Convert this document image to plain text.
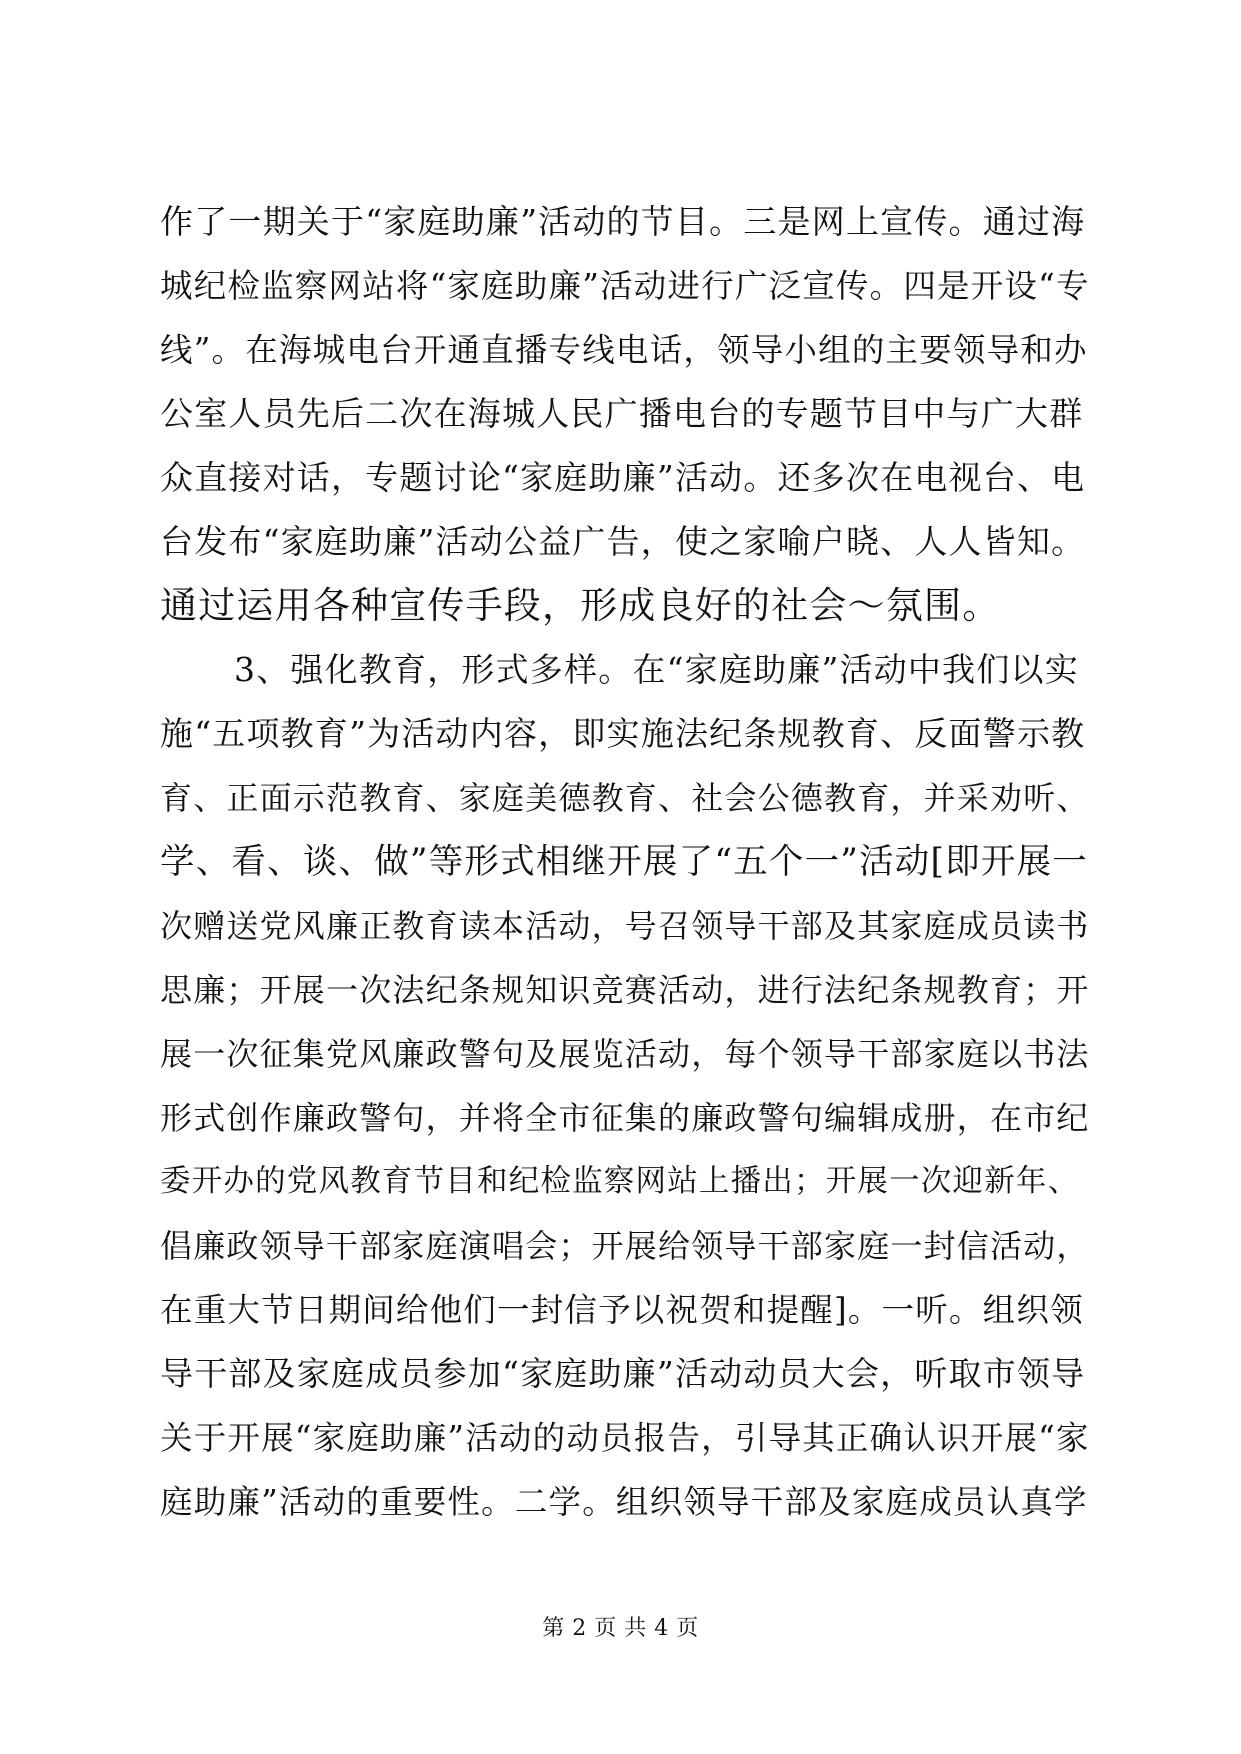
作了一期关于“家庭助廉”活动的节目。三是网上宣传。通过海
城纪检监察网站将“家庭助廉”活动进行广泛宣传。四是开设“专
线”。在海城电台开通直播专线电话，领导小组的主要领导和办
公室人员先后二次在海城人民广播电台的专题节目中与广大群
众直接对话，专题讨论“家庭助廉”活动。还多次在电视台、电
台发布“家庭助廉”活动公益广告，使之家喻户晓、人人皆知。
通过运用各种宣传手段，形成良好的社会～氛围。
3、强化教育，形式多样。在“家庭助廉”活动中我们以实
施“五项教育”为活动内容，即实施法纪条规教育、反面警示教
育、正面示范教育、家庭美德教育、社会公德教育，并采劝听、
学、看、谈、做”等形式相继开展了“五个一”活动[即开展一
次赠送党风廉正教育读本活动，号召领导干部及其家庭成员读书
思廉；开展一次法纪条规知识竞赛活动，进行法纪条规教育；开
展一次征集党风廉政警句及展览活动，每个领导干部家庭以书法
形式创作廉政警句，并将全市征集的廉政警句编辑成册，在市纪
委开办的党风教育节目和纪检监察网站上播出；开展一次迎新年、
倡廉政领导干部家庭演唱会；开展给领导干部家庭一封信活动，
在重大节日期间给他们一封信予以祝贺和提醒]。一听。组织领
导干部及家庭成员参加“家庭助廉”活动动员大会，听取市领导
关于开展“家庭助廉”活动的动员报告，引导其正确认识开展“家
庭助廉”活动的重要性。二学。组织领导干部及家庭成员认真学
第 2 页 共 4 页
